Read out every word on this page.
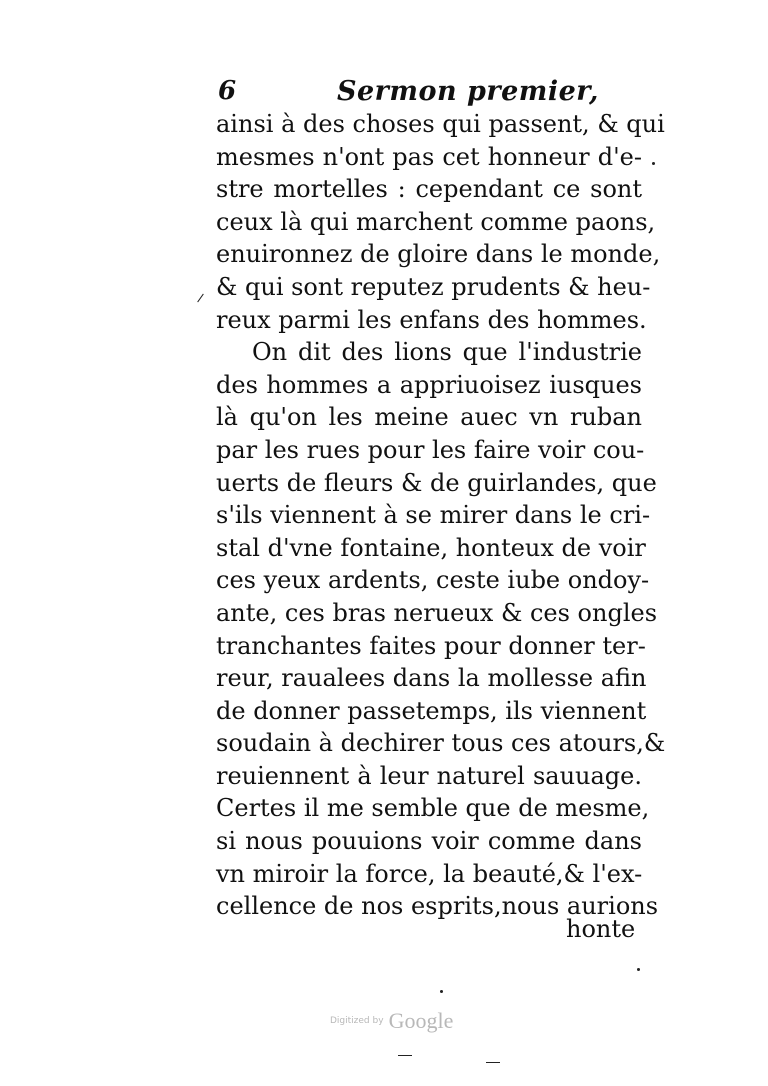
6	Sermon premier,
ainsi à des choses qui passent, & qui
mesmes n'ont pas cet honneur d'e-
stre mortelles : cependant ce sont
ceux là qui marchent comme paons,
enuironnez de gloire dans le monde,
& qui sont reputez prudents & heu-
reux parmi les enfans des hommes.
On dit des lions que l'industrie
des hommes a appriuoisez iusques
là qu'on les meine auec vn ruban
par les rues pour les faire voir cou-
uerts de fleurs & de guirlandes, que
s'ils viennent à se mirer dans le cri-
stal d'vne fontaine, honteux de voir
ces yeux ardents, ceste iube ondoy-
ante, ces bras nerueux & ces ongles
tranchantes faites pour donner ter-
reur, raualees dans la mollesse afin
de donner passetemps, ils viennent
soudain à dechirer tous ces atours,&
reuiennent à leur naturel sauuage.
Certes il me semble que de mesme,
si nous pouuions voir comme dans
vn miroir la force, la beauté,& l'ex-
cellence de nos esprits,nous aurions
honte
Digitized by Google
